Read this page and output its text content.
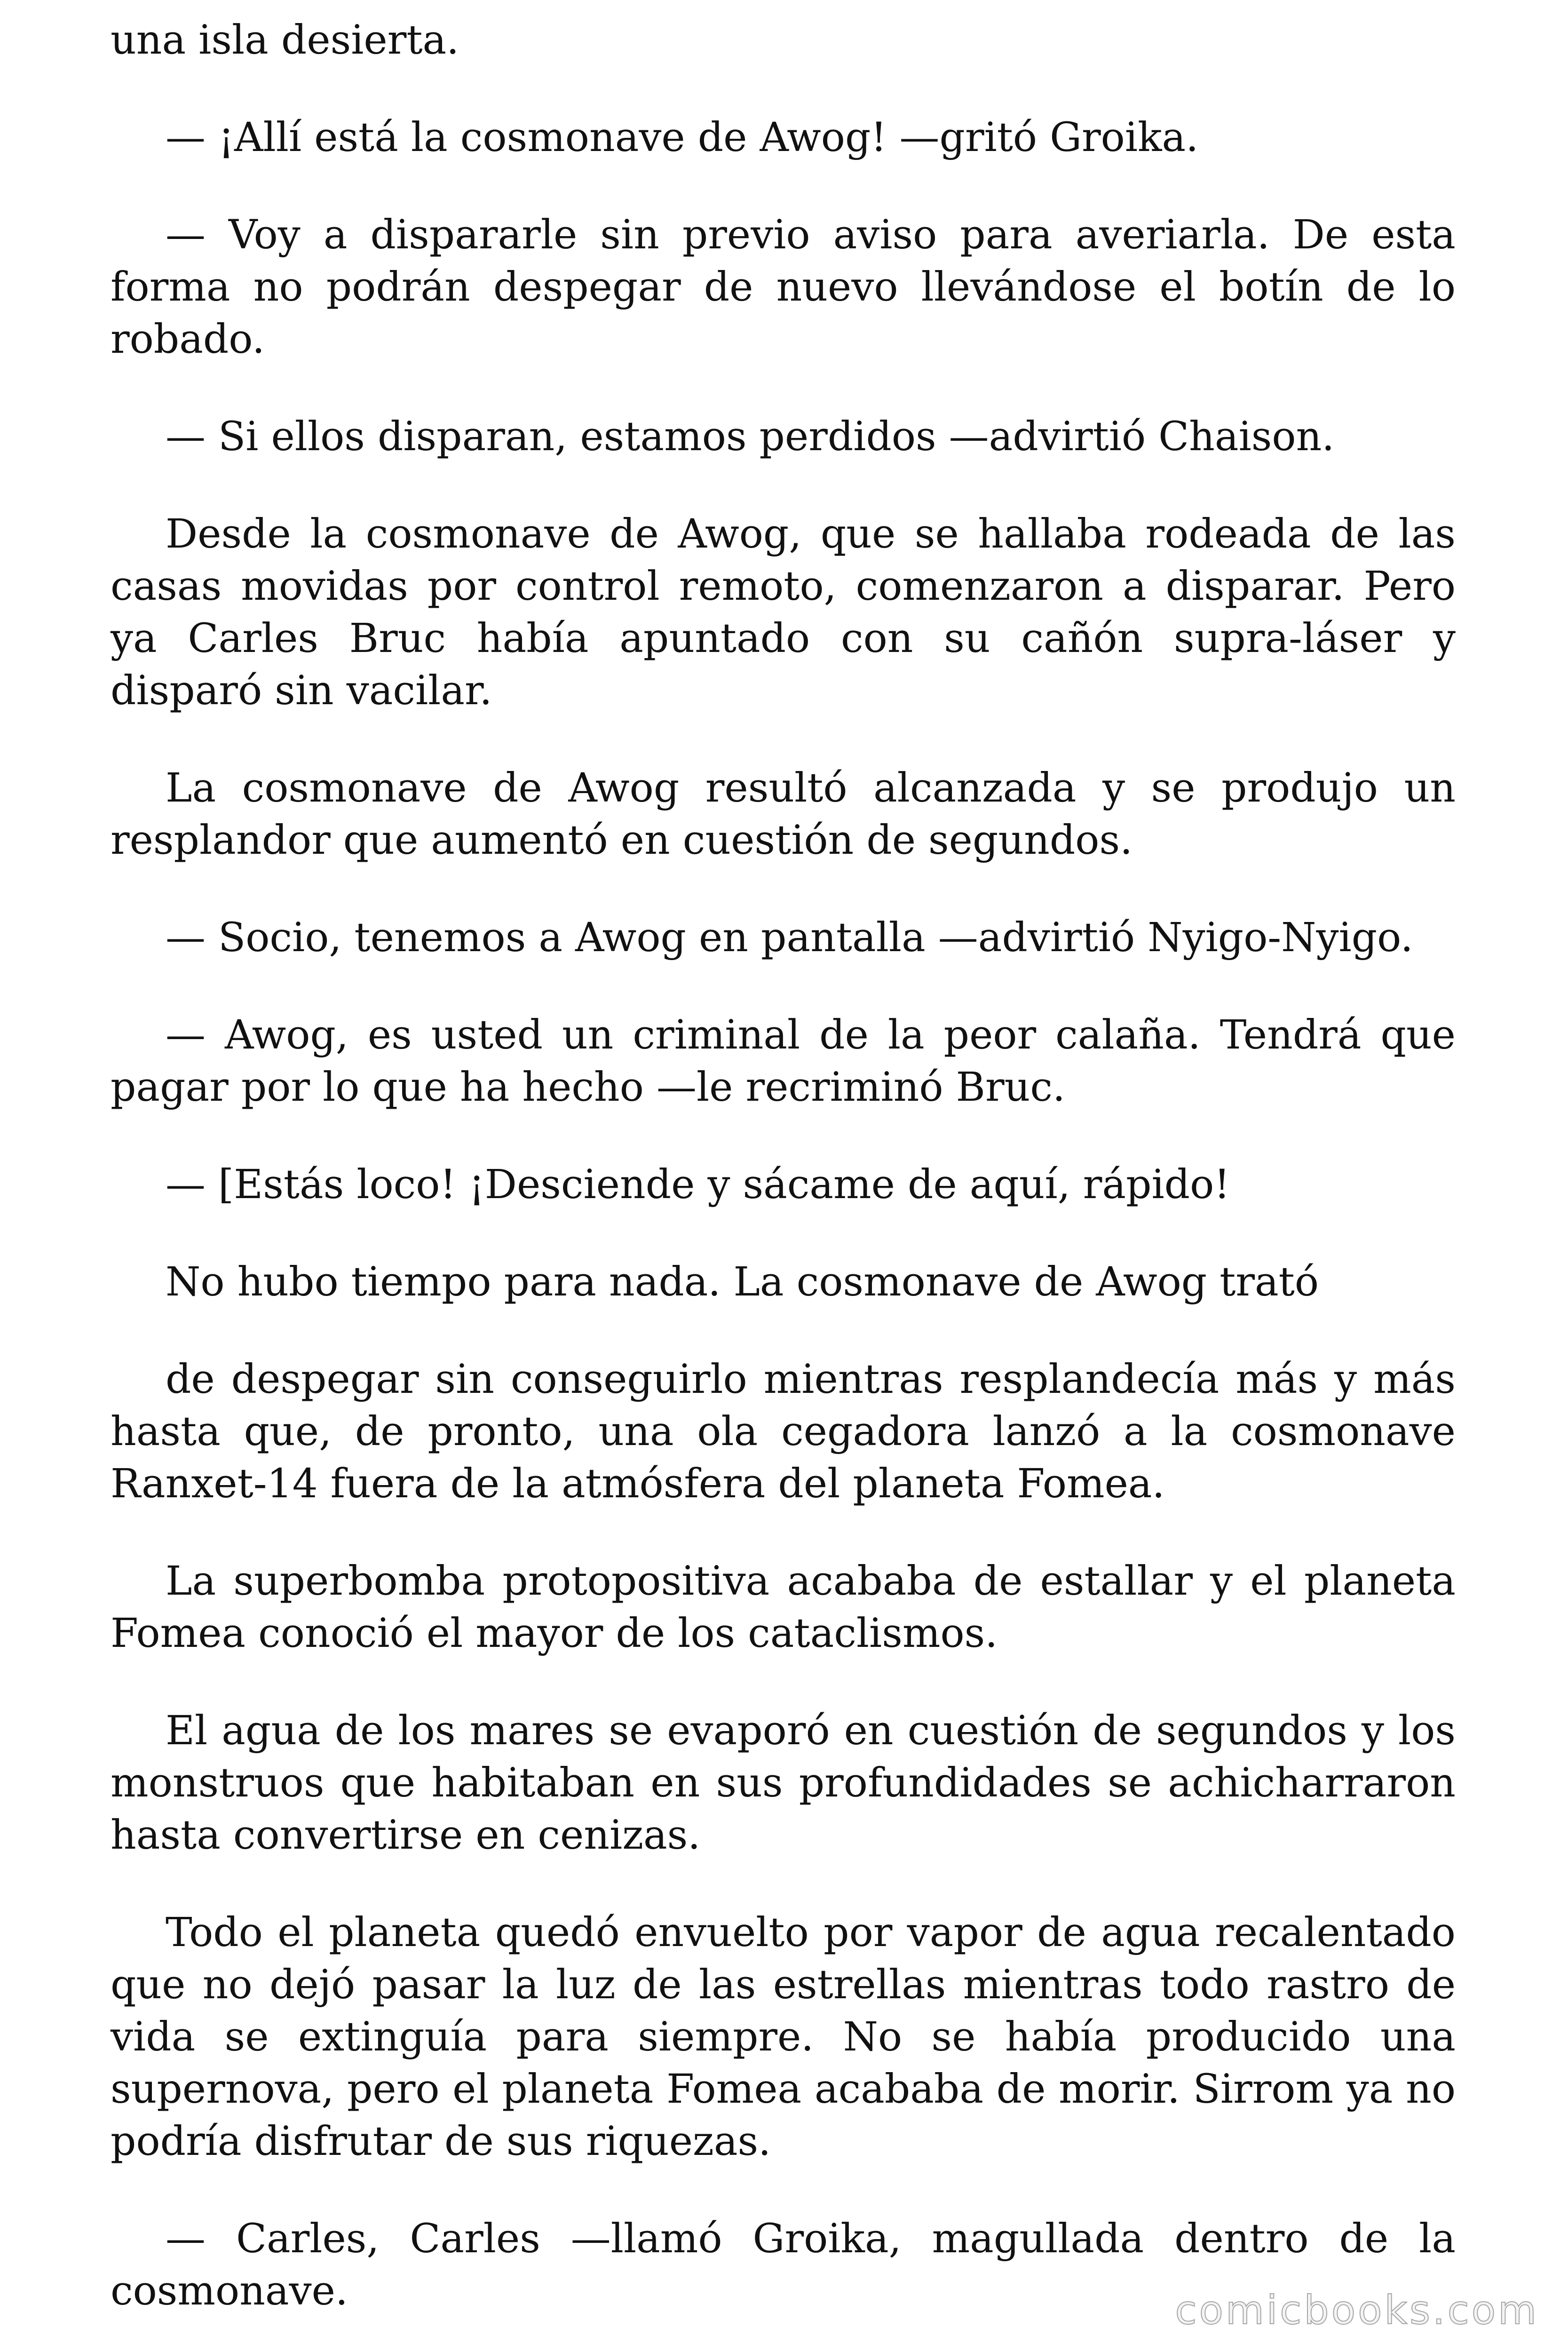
una isla desierta.

— ¡Allí está la cosmonave de Awog! —gritó Groika.

— Voy a dispararle sin previo aviso para averiarla. De esta forma no podrán despegar de nuevo llevándose el botín de lo robado.

— Si ellos disparan, estamos perdidos —advirtió Chaison.

Desde la cosmonave de Awog, que se hallaba rodeada de las casas movidas por control remoto, comenzaron a disparar. Pero ya Carles Bruc había apuntado con su cañón supra-láser y disparó sin vacilar.

La cosmonave de Awog resultó alcanzada y se produjo un resplandor que aumentó en cuestión de segundos.

— Socio, tenemos a Awog en pantalla —advirtió Nyigo-Nyigo.

— Awog, es usted un criminal de la peor calaña. Tendrá que pagar por lo que ha hecho —le recriminó Bruc.

— [Estás loco! ¡Desciende y sácame de aquí, rápido!

No hubo tiempo para nada. La cosmonave de Awog trató

de despegar sin conseguirlo mientras resplandecía más y más hasta que, de pronto, una ola cegadora lanzó a la cosmonave Ranxet-14 fuera de la atmósfera del planeta Fomea.

La superbomba protopositiva acababa de estallar y el planeta Fomea conoció el mayor de los cataclismos.

El agua de los mares se evaporó en cuestión de segundos y los monstruos que habitaban en sus profundidades se achicharraron hasta convertirse en cenizas.

Todo el planeta quedó envuelto por vapor de agua recalentado que no dejó pasar la luz de las estrellas mientras todo rastro de vida se extinguía para siempre. No se había producido una supernova, pero el planeta Fomea acababa de morir. Sirrom ya no podría disfrutar de sus riquezas.

— Carles, Carles —llamó Groika, magullada dentro de la cosmonave.	comicbooks.com
